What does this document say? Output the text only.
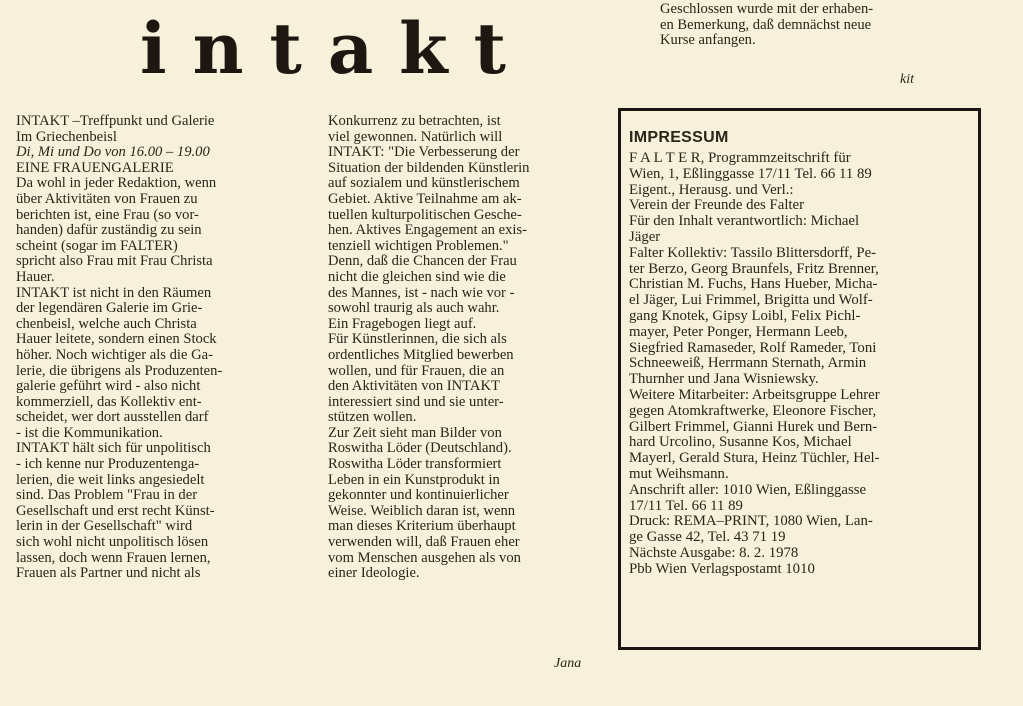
intakt	Geschlossen wurde mit der erhaben-

en Bemerkung, daß demnächst neue

Kurse anfangen.

kit

INTAKT –Treffpunkt und Galerie

Im Griechenbeisl

Di, Mi und Do von 16.00 – 19.00

EINE FRAUENGALERIE

Da wohl in jeder Redaktion, wenn

über Aktivitäten von Frauen zu

berichten ist, eine Frau (so vor-

handen) dafür zuständig zu sein

scheint (sogar im FALTER)

spricht also Frau mit Frau Christa

Hauer.

INTAKT ist nicht in den Räumen

der legendären Galerie im Grie-

chenbeisl, welche auch Christa

Hauer leitete, sondern einen Stock

höher. Noch wichtiger als die Ga-

lerie, die übrigens als Produzenten-

galerie geführt wird - also nicht

kommerziell, das Kollektiv ent-

scheidet, wer dort ausstellen darf

- ist die Kommunikation.

INTAKT hält sich für unpolitisch

- ich kenne nur Produzentenga-

lerien, die weit links angesiedelt

sind. Das Problem "Frau in der

Gesellschaft und erst recht Künst-

lerin in der Gesellschaft" wird

sich wohl nicht unpolitisch lösen

lassen, doch wenn Frauen lernen,

Frauen als Partner und nicht als

Konkurrenz zu betrachten, ist

viel gewonnen. Natürlich will

INTAKT: "Die Verbesserung der

Situation der bildenden Künstlerin

auf sozialem und künstlerischem

Gebiet. Aktive Teilnahme am ak-

tuellen kulturpolitischen Gesche-

hen. Aktives Engagement an exis-

tenziell wichtigen Problemen."

Denn, daß die Chancen der Frau

nicht die gleichen sind wie die

des Mannes, ist - nach wie vor -

sowohl traurig als auch wahr.

Ein Fragebogen liegt auf.

Für Künstlerinnen, die sich als

ordentliches Mitglied bewerben

wollen, und für Frauen, die an

den Aktivitäten von INTAKT

interessiert sind und sie unter-

stützen wollen.

Zur Zeit sieht man Bilder von

Roswitha Löder (Deutschland).

Roswitha Löder transformiert

Leben in ein Kunstprodukt in

gekonnter und kontinuierlicher

Weise. Weiblich daran ist, wenn

man dieses Kriterium überhaupt

verwenden will, daß Frauen eher

vom Menschen ausgehen als von

einer Ideologie.

Jana
IMPRESSUM

F A L T E R, Programmzeitschrift für

Wien, 1, Eßlinggasse 17/11 Tel. 66 11 89

Eigent., Herausg. und Verl.:

Verein der Freunde des Falter

Für den Inhalt verantwortlich: Michael

Jäger

Falter Kollektiv: Tassilo Blittersdorff, Pe-

ter Berzo, Georg Braunfels, Fritz Brenner,

Christian M. Fuchs, Hans Hueber, Micha-

el Jäger, Lui Frimmel, Brigitta und Wolf-

gang Knotek, Gipsy Loibl, Felix Pichl-

mayer, Peter Ponger, Hermann Leeb,

Siegfried Ramaseder, Rolf Rameder, Toni

Schneeweiß, Herrmann Sternath, Armin

Thurnher und Jana Wisniewsky.

Weitere Mitarbeiter: Arbeitsgruppe Lehrer

gegen Atomkraftwerke, Eleonore Fischer,

Gilbert Frimmel, Gianni Hurek und Bern-

hard Urcolino, Susanne Kos, Michael

Mayerl, Gerald Stura, Heinz Tüchler, Hel-

mut Weihsmann.

Anschrift aller: 1010 Wien, Eßlinggasse

17/11 Tel. 66 11 89

Druck: REMA–PRINT, 1080 Wien, Lan-

ge Gasse 42, Tel. 43 71 19

Nächste Ausgabe: 8. 2. 1978

Pbb Wien Verlagspostamt 1010
